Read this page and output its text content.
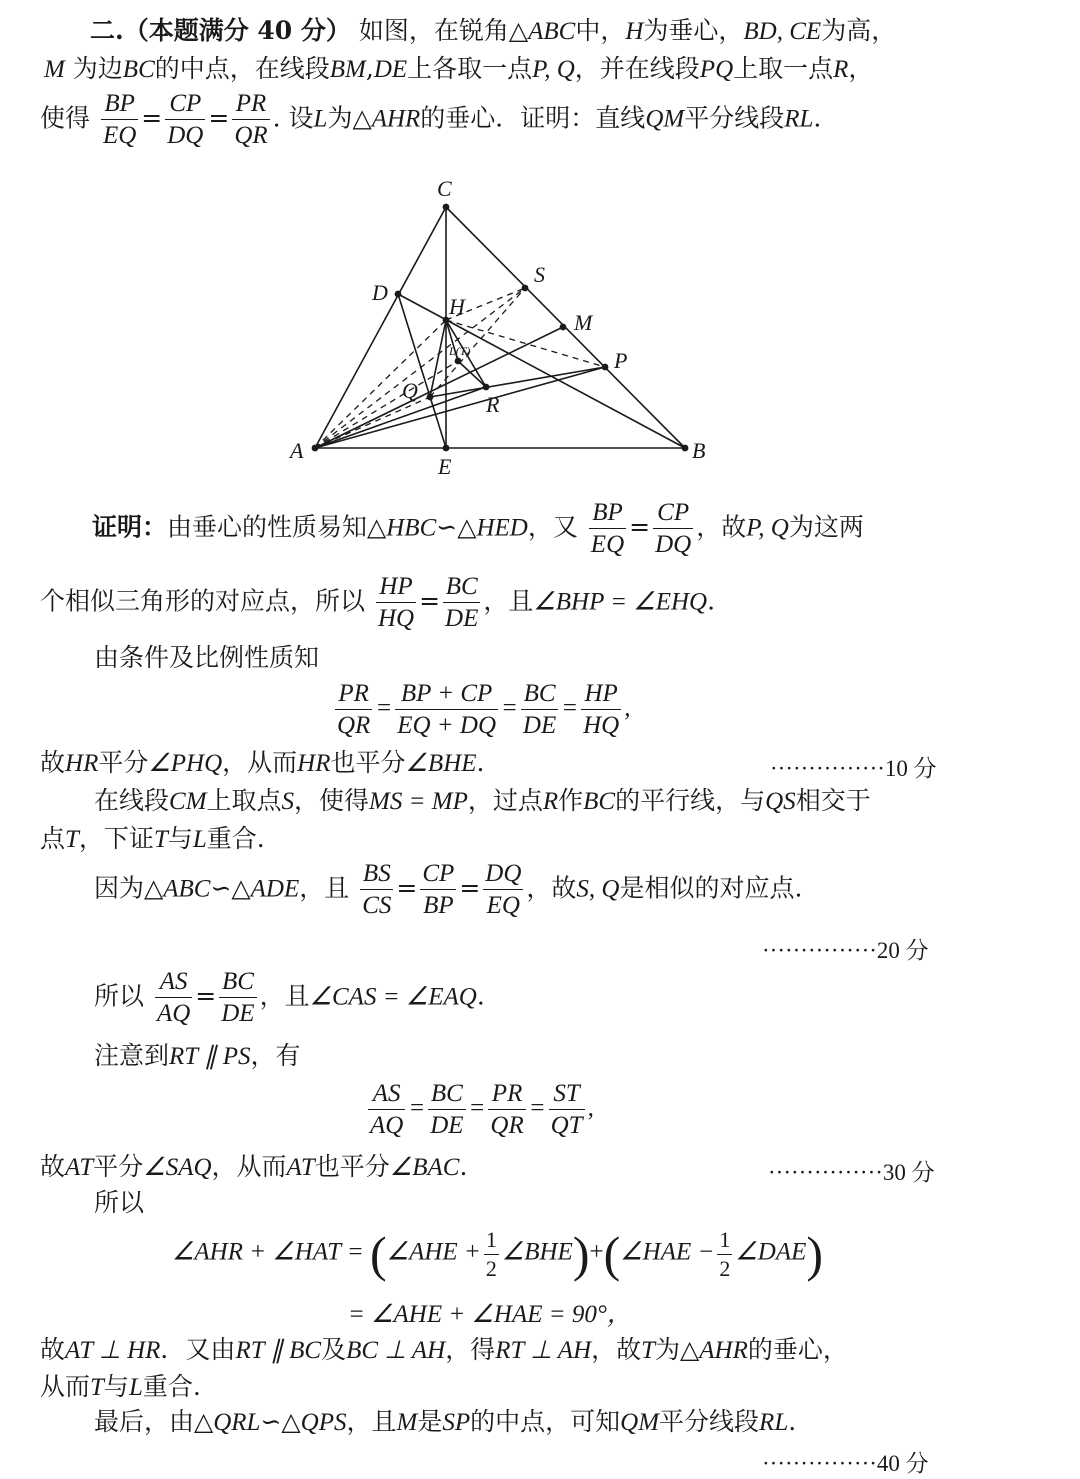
二.（本题满分 40 分） 如图，在锐角△ABC中，H为垂心，BD, CE为高，
M 为边BC的中点，在线段BM,DE上各取一点P, Q，并在线段PQ上取一点R，
使得 $\frac{BP}{EQ} = \frac{CP}{DQ} = \frac{PR}{QR}$ . 设L为△AHR的垂心．证明：直线QM平分线段RL.
C
D
H
S
M
P
L(T)
Q
R
A
E
B
证明：由垂心的性质易知△HBC∽△HED，又 $\frac{BP}{EQ} = \frac{CP}{DQ}$ ，故P, Q为这两
个相似三角形的对应点，所以 $\frac{HP}{HQ} = \frac{BC}{DE}$ ，且∠BHP = ∠EHQ.
由条件及比例性质知
$\frac{PR}{QR} = \frac{BP + CP}{EQ + DQ} = \frac{BC}{DE} = \frac{HP}{HQ}$ ,
故HR平分∠PHQ，从而HR也平分∠BHE.	···············10 分
在线段CM上取点S，使得MS = MP，过点R作BC的平行线，与QS相交于
点T，下证T与L重合.
因为△ABC∽△ADE，且 $\frac{BS}{CS} = \frac{CP}{BP} = \frac{DQ}{EQ}$ ，故S, Q是相似的对应点.
···············20 分
所以 $\frac{AS}{AQ} = \frac{BC}{DE}$ ，且∠CAS = ∠EAQ.
注意到RT ∥ PS，有
$\frac{AS}{AQ} = \frac{BC}{DE} = \frac{PR}{QR} = \frac{ST}{QT}$ ,
故AT平分∠SAQ，从而AT也平分∠BAC.	···············30 分
所以
∠AHR + ∠HAT = (∠AHE + $\frac{1}{2}$ ∠BHE)+(∠HAE − $\frac{1}{2}$ ∠DAE)
= ∠AHE + ∠HAE = 90°，
故AT ⊥ HR．又由RT ∥ BC及BC ⊥ AH，得RT ⊥ AH，故T为△AHR的垂心，
从而T与L重合.
最后，由△QRL∽△QPS，且M是SP的中点，可知QM平分线段RL.
···············40 分
